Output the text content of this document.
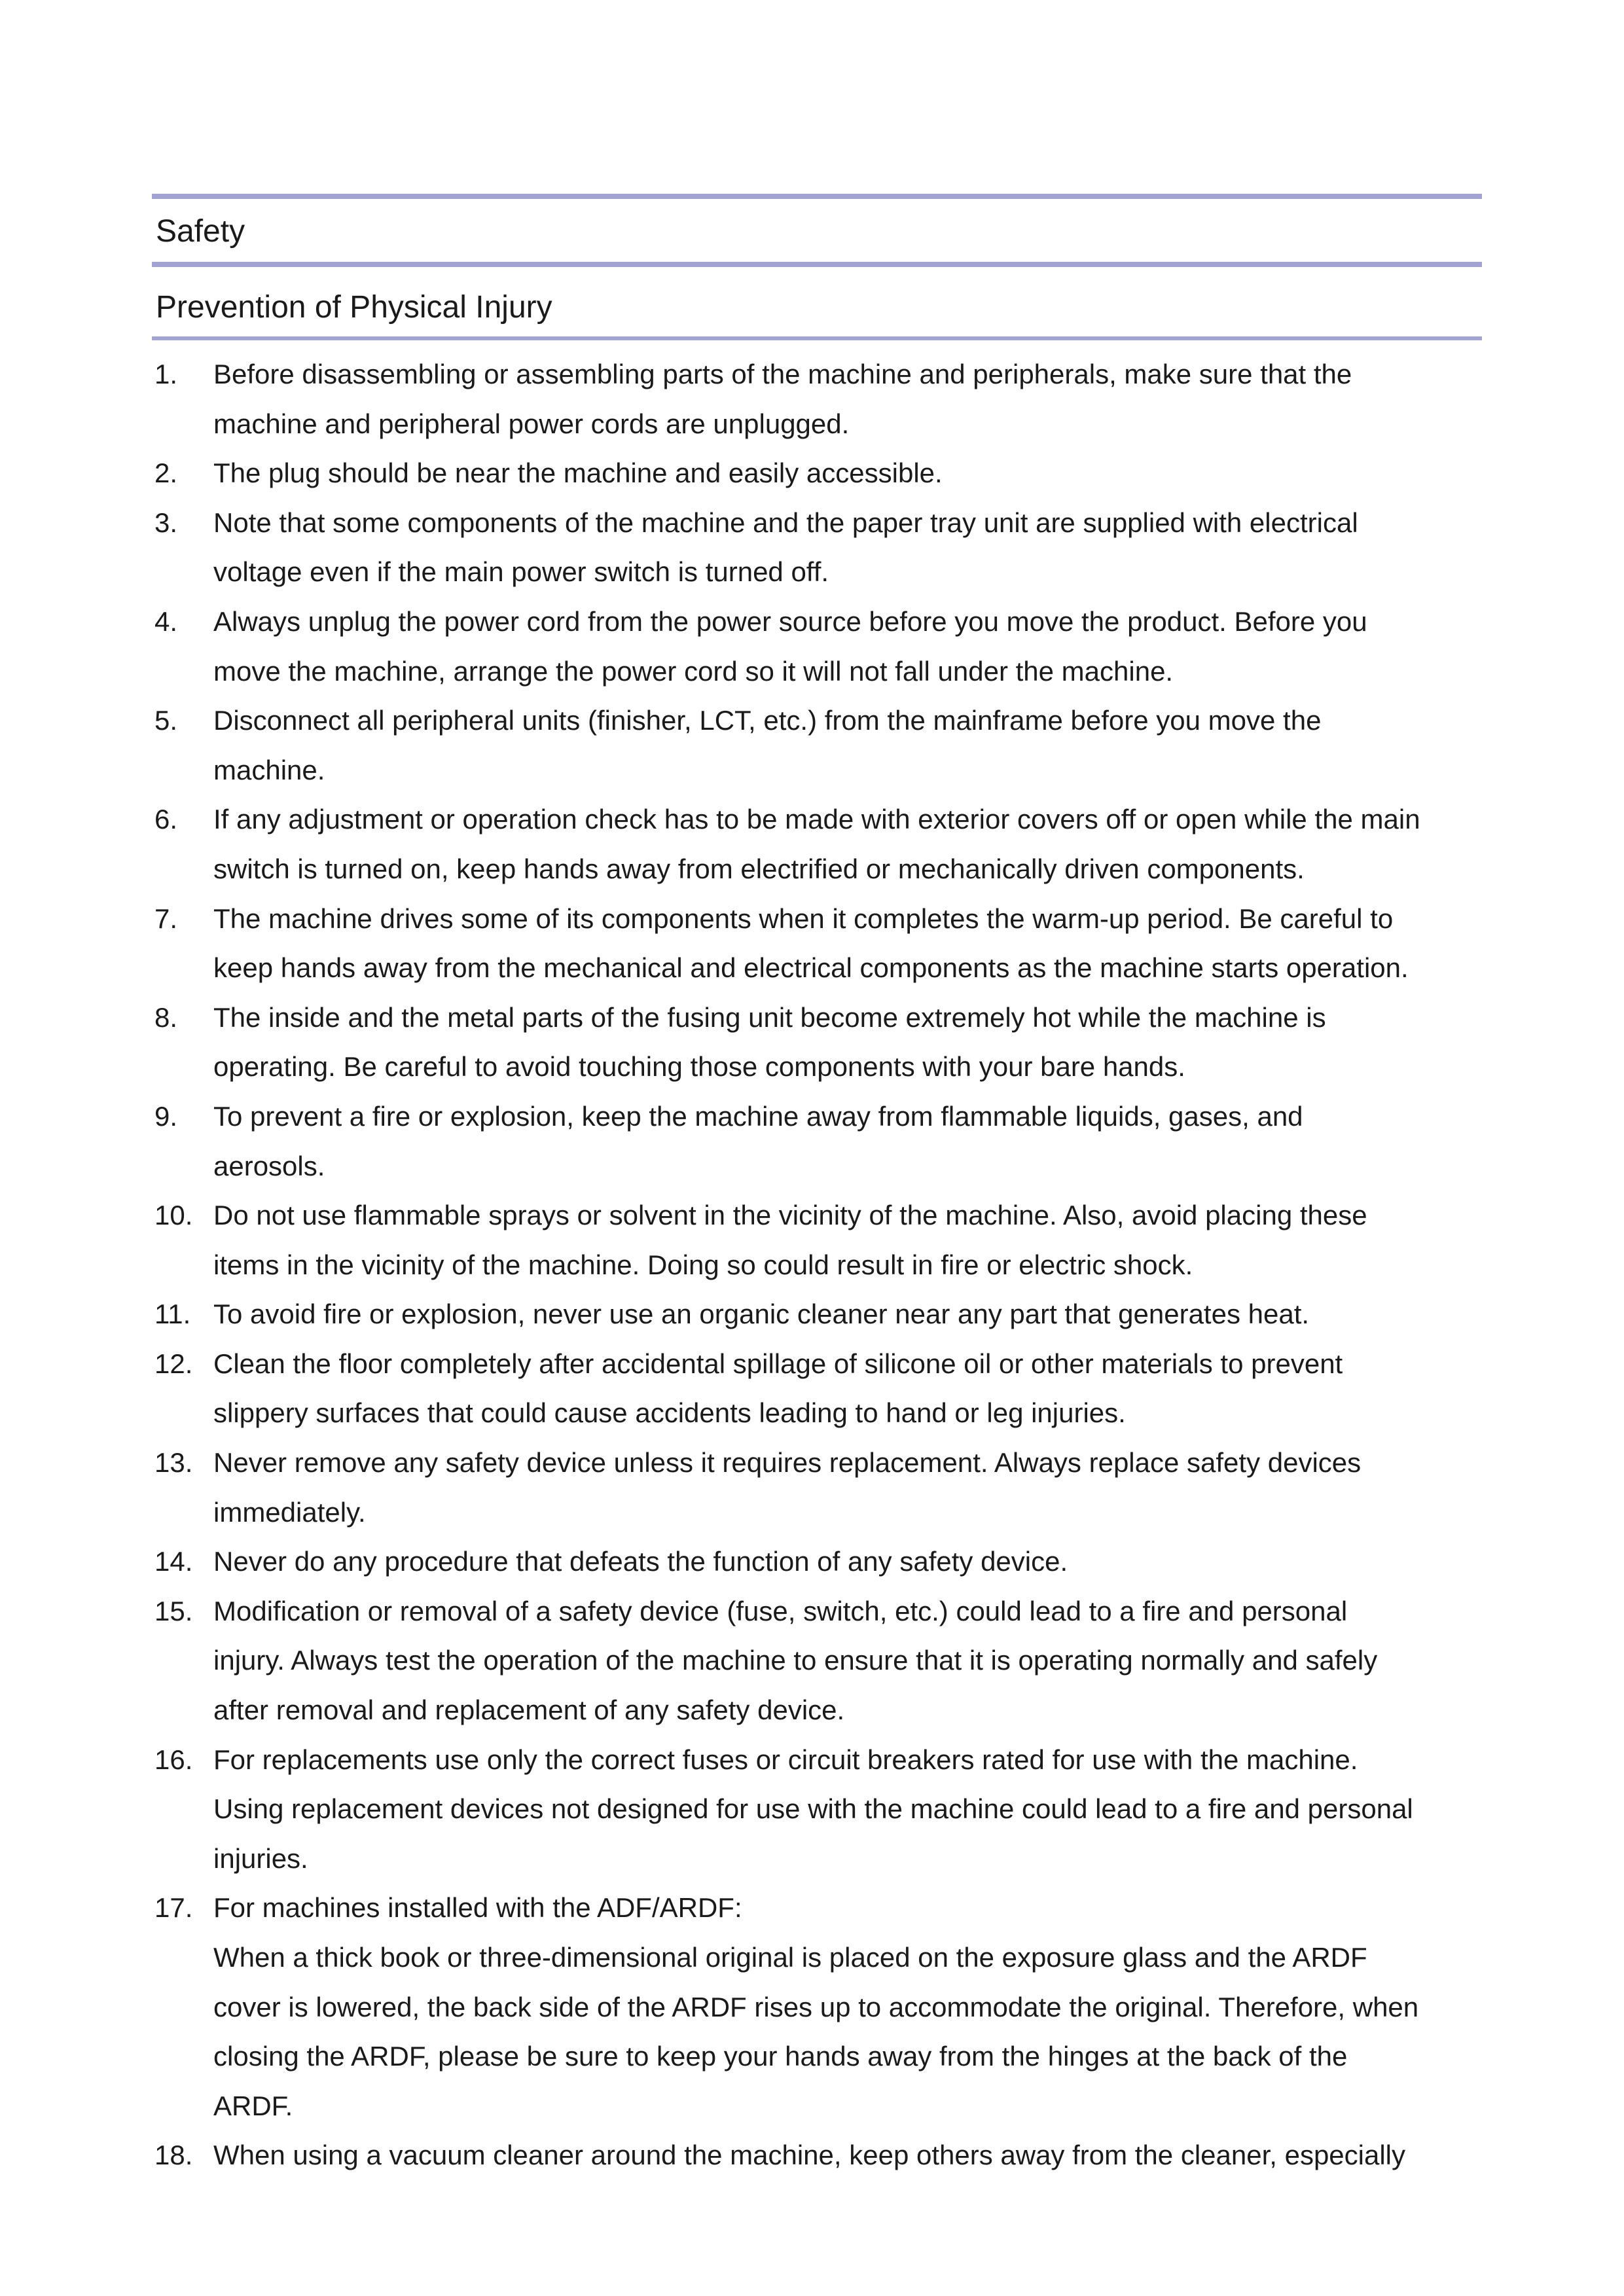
Safety
Prevention of Physical Injury
1.	Before disassembling or assembling parts of the machine and peripherals, make sure that the
machine and peripheral power cords are unplugged.
2.	The plug should be near the machine and easily accessible.
3.	Note that some components of the machine and the paper tray unit are supplied with electrical
voltage even if the main power switch is turned off.
4.	Always unplug the power cord from the power source before you move the product. Before you
move the machine, arrange the power cord so it will not fall under the machine.
5.	Disconnect all peripheral units (finisher, LCT, etc.) from the mainframe before you move the
machine.
6.	If any adjustment or operation check has to be made with exterior covers off or open while the main
switch is turned on, keep hands away from electrified or mechanically driven components.
7.	The machine drives some of its components when it completes the warm-up period. Be careful to
keep hands away from the mechanical and electrical components as the machine starts operation.
8.	The inside and the metal parts of the fusing unit become extremely hot while the machine is
operating. Be careful to avoid touching those components with your bare hands.
9.	To prevent a fire or explosion, keep the machine away from flammable liquids, gases, and
aerosols.
10. Do not use flammable sprays or solvent in the vicinity of the machine. Also, avoid placing these
items in the vicinity of the machine. Doing so could result in fire or electric shock.
11. To avoid fire or explosion, never use an organic cleaner near any part that generates heat.
12. Clean the floor completely after accidental spillage of silicone oil or other materials to prevent
slippery surfaces that could cause accidents leading to hand or leg injuries.
13. Never remove any safety device unless it requires replacement. Always replace safety devices
immediately.
14. Never do any procedure that defeats the function of any safety device.
15. Modification or removal of a safety device (fuse, switch, etc.) could lead to a fire and personal
injury. Always test the operation of the machine to ensure that it is operating normally and safely
after removal and replacement of any safety device.
16. For replacements use only the correct fuses or circuit breakers rated for use with the machine.
Using replacement devices not designed for use with the machine could lead to a fire and personal
injuries.
17. For machines installed with the ADF/ARDF:
When a thick book or three-dimensional original is placed on the exposure glass and the ARDF
cover is lowered, the back side of the ARDF rises up to accommodate the original. Therefore, when
closing the ARDF, please be sure to keep your hands away from the hinges at the back of the
ARDF.
18. When using a vacuum cleaner around the machine, keep others away from the cleaner, especially
